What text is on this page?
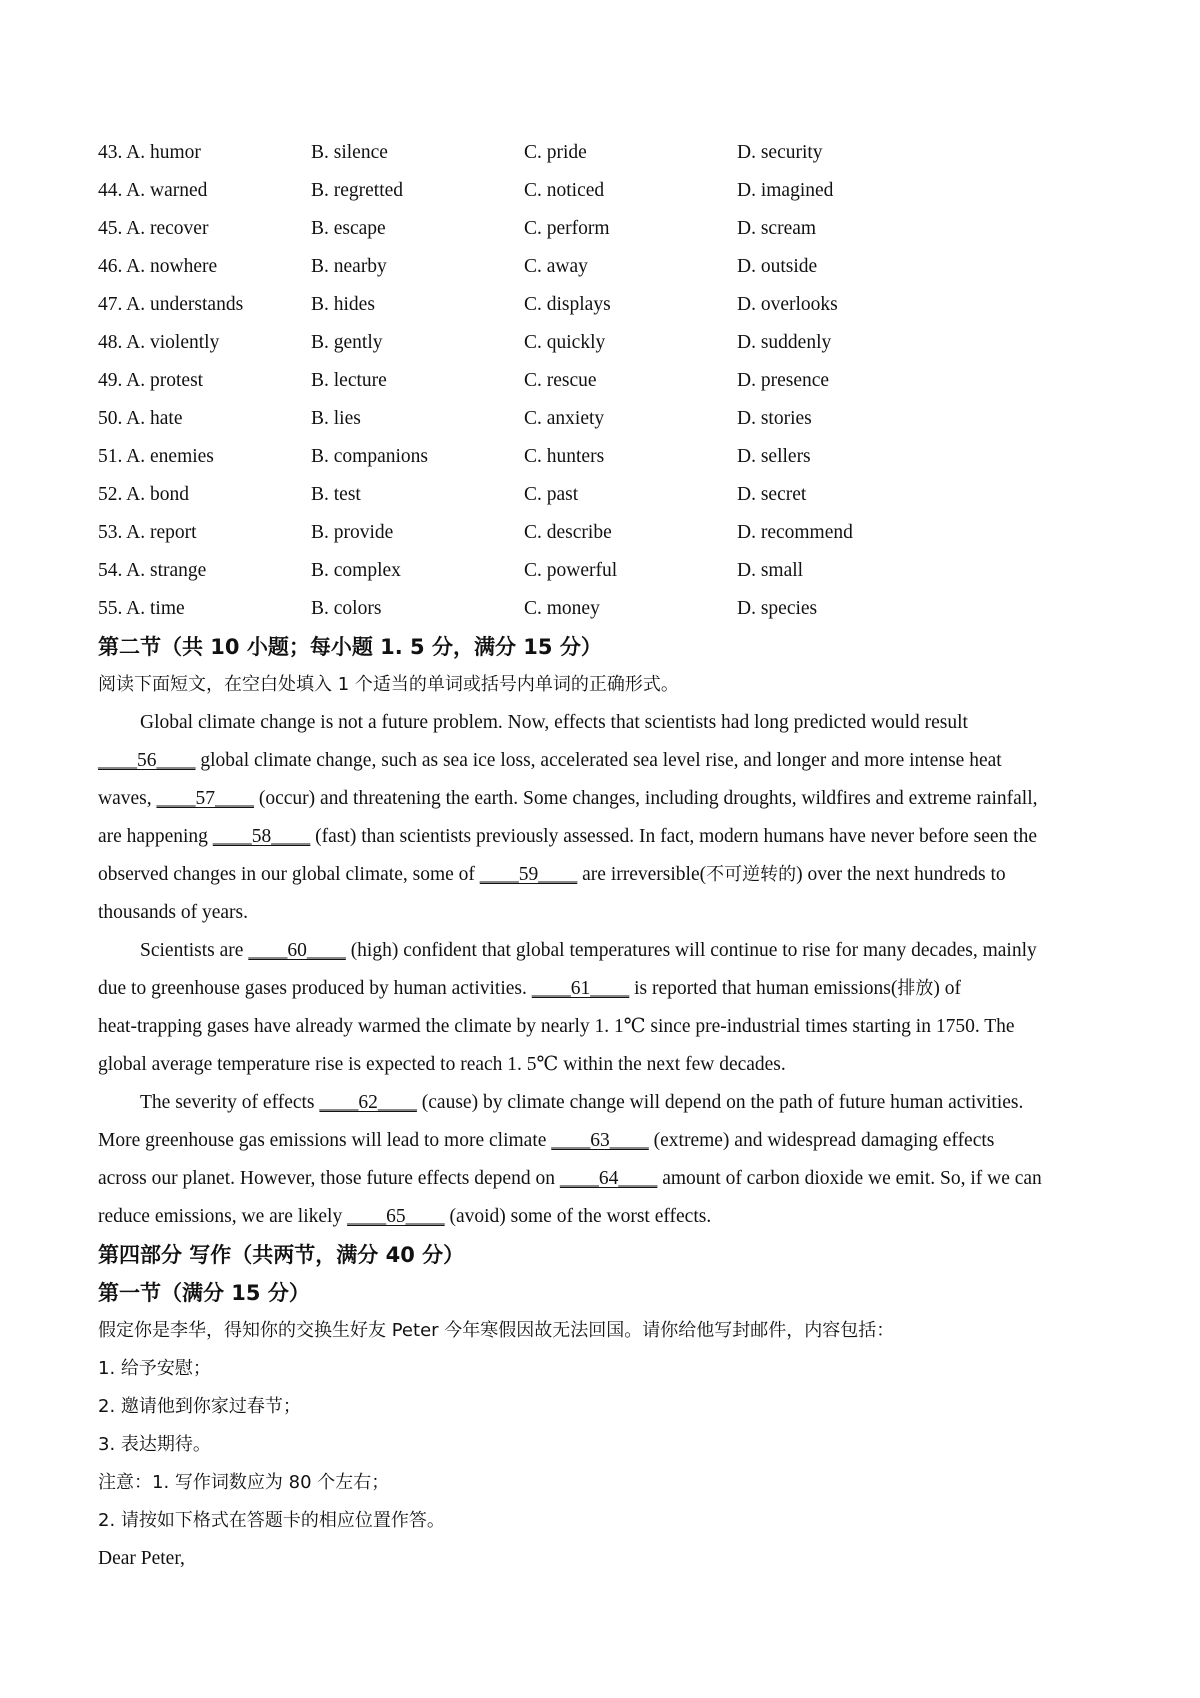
43. A. humor	B. silence	C. pride	D. security
44. A. warned	B. regretted	C. noticed	D. imagined
45. A. recover	B. escape	C. perform	D. scream
46. A. nowhere	B. nearby	C. away	D. outside
47. A. understands	B. hides	C. displays	D. overlooks
48. A. violently	B. gently	C. quickly	D. suddenly
49. A. protest	B. lecture	C. rescue	D. presence
50. A. hate	B. lies	C. anxiety	D. stories
51. A. enemies	B. companions	C. hunters	D. sellers
52. A. bond	B. test	C. past	D. secret
53. A. report	B. provide	C. describe	D. recommend
54. A. strange	B. complex	C. powerful	D. small
55. A. time	B. colors	C. money	D. species
第二节（共 10 小题；每小题 1. 5 分，满分 15 分）
阅读下面短文，在空白处填入 1 个适当的单词或括号内单词的正确形式。
Global climate change is not a future problem. Now, effects that scientists had long predicted would result
____56____ global climate change, such as sea ice loss, accelerated sea level rise, and longer and more intense heat
waves, ____57____ (occur) and threatening the earth. Some changes, including droughts, wildfires and extreme rainfall,
are happening ____58____ (fast) than scientists previously assessed. In fact, modern humans have never before seen the
observed changes in our global climate, some of ____59____ are irreversible(不可逆转的) over the next hundreds to
thousands of years.
Scientists are ____60____ (high) confident that global temperatures will continue to rise for many decades, mainly
due to greenhouse gases produced by human activities. ____61____ is reported that human emissions(排放) of
heat-trapping gases have already warmed the climate by nearly 1. 1℃ since pre-industrial times starting in 1750. The
global average temperature rise is expected to reach 1. 5℃ within the next few decades.
The severity of effects ____62____ (cause) by climate change will depend on the path of future human activities.
More greenhouse gas emissions will lead to more climate ____63____ (extreme) and widespread damaging effects
across our planet. However, those future effects depend on ____64____ amount of carbon dioxide we emit. So, if we can
reduce emissions, we are likely ____65____ (avoid) some of the worst effects.
第四部分 写作（共两节，满分 40 分）
第一节（满分 15 分）
假定你是李华，得知你的交换生好友 Peter 今年寒假因故无法回国。请你给他写封邮件，内容包括：
1. 给予安慰；
2. 邀请他到你家过春节；
3. 表达期待。
注意：1. 写作词数应为 80 个左右；
2. 请按如下格式在答题卡的相应位置作答。
Dear Peter,
